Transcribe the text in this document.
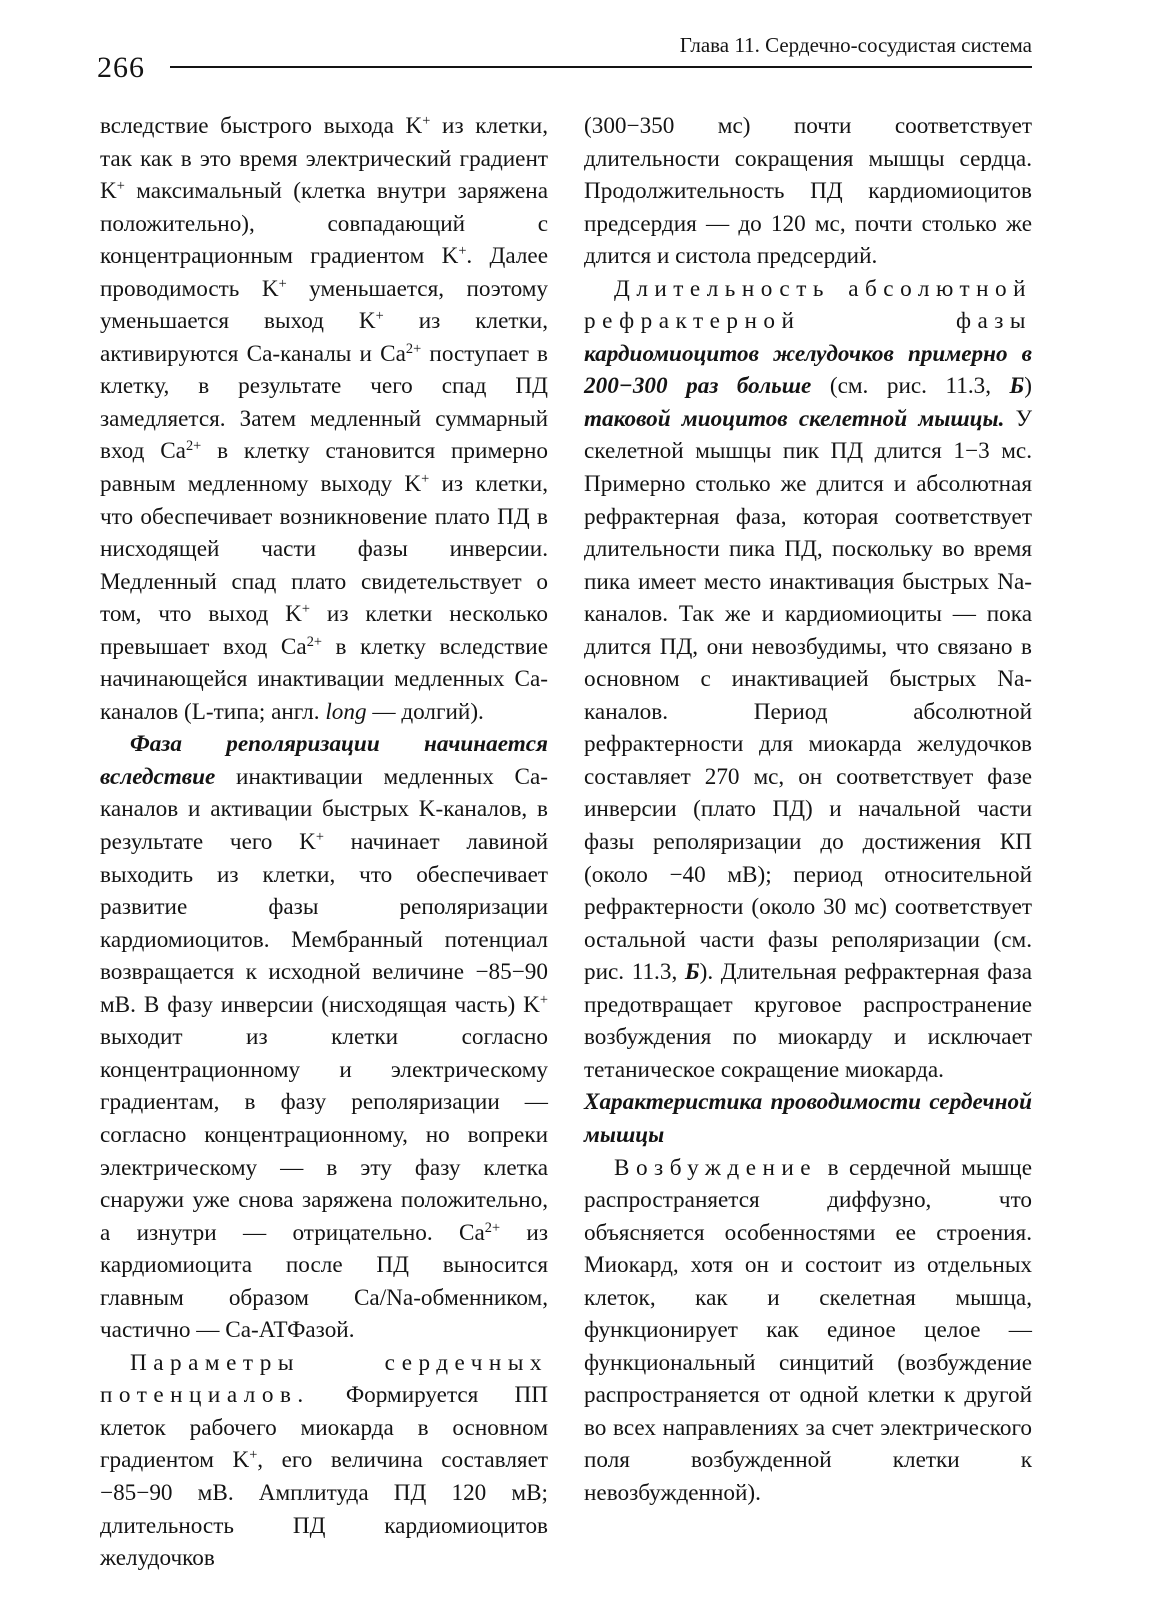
266
Глава 11. Сердечно-сосудистая система

вследствие быстрого выхода K+ из клетки, так как в это время электрический градиент K+ максимальный (клетка внутри заряжена положительно), совпадающий с концентрационным градиентом K+. Далее проводимость K+ уменьшается, поэтому уменьшается выход K+ из клетки, активируются Са-каналы и $Са^{2+}$ поступает в клетку, в результате чего спад ПД замедляется. Затем медленный суммарный вход $Са^{2+}$ в клетку становится примерно равным медленному выходу K+ из клетки, что обеспечивает возникновение плато ПД в нисходящей части фазы инверсии. Медленный спад плато свидетельствует о том, что выход K+ из клетки несколько превышает вход $Са^{2+}$ в клетку вследствие начинающейся инактивации медленных Са-каналов (L-типа; англ. long — долгий).

Фаза реполяризации начинается вследствие инактивации медленных Са-каналов и активации быстрых K-каналов, в результате чего K+ начинает лавиной выходить из клетки, что обеспечивает развитие фазы реполяризации кардиомиоцитов. Мембранный потенциал возвращается к исходной величине −85−90 мВ. В фазу инверсии (нисходящая часть) K+ выходит из клетки согласно концентрационному и электрическому градиентам, в фазу реполяризации — согласно концентрационному, но вопреки электрическому — в эту фазу клетка снаружи уже снова заряжена положительно, а изнутри — отрицательно. $Са^{2+}$ из кардиомиоцита после ПД выносится главным образом Са/Na-обменником, частично — Са-АТФазой.

Параметры сердечных потенциалов. Формируется ПП клеток рабочего миокарда в основном градиентом K+, его величина составляет −85−90 мВ. Амплитуда ПД 120 мВ; длительность ПД кардиомиоцитов желудочков

(300−350 мс) почти соответствует длительности сокращения мышцы сердца. Продолжительность ПД кардиомиоцитов предсердия — до 120 мс, почти столько же длится и систола предсердий.

Длительность абсолютной рефрактерной фазы кардиомиоцитов желудочков примерно в 200−300 раз больше (см. рис. 11.3, Б) таковой миоцитов скелетной мышцы. У скелетной мышцы пик ПД длится 1−3 мс. Примерно столько же длится и абсолютная рефрактерная фаза, которая соответствует длительности пика ПД, поскольку во время пика имеет место инактивация быстрых Na-каналов. Так же и кардиомиоциты — пока длится ПД, они невозбудимы, что связано в основном с инактивацией быстрых Na-каналов. Период абсолютной рефрактерности для миокарда желудочков составляет 270 мс, он соответствует фазе инверсии (плато ПД) и начальной части фазы реполяризации до достижения КП (около −40 мВ); период относительной рефрактерности (около 30 мс) соответствует остальной части фазы реполяризации (см. рис. 11.3, Б). Длительная рефрактерная фаза предотвращает круговое распространение возбуждения по миокарду и исключает тетаническое сокращение миокарда.

Характеристика проводимости сердечной мышцы

Возбуждение в сердечной мышце распространяется диффузно, что объясняется особенностями ее строения. Миокард, хотя он и состоит из отдельных клеток, как и скелетная мышца, функционирует как единое целое — функциональный синцитий (возбуждение распространяется от одной клетки к другой во всех направлениях за счет электрического поля возбужденной клетки к невозбужденной).
